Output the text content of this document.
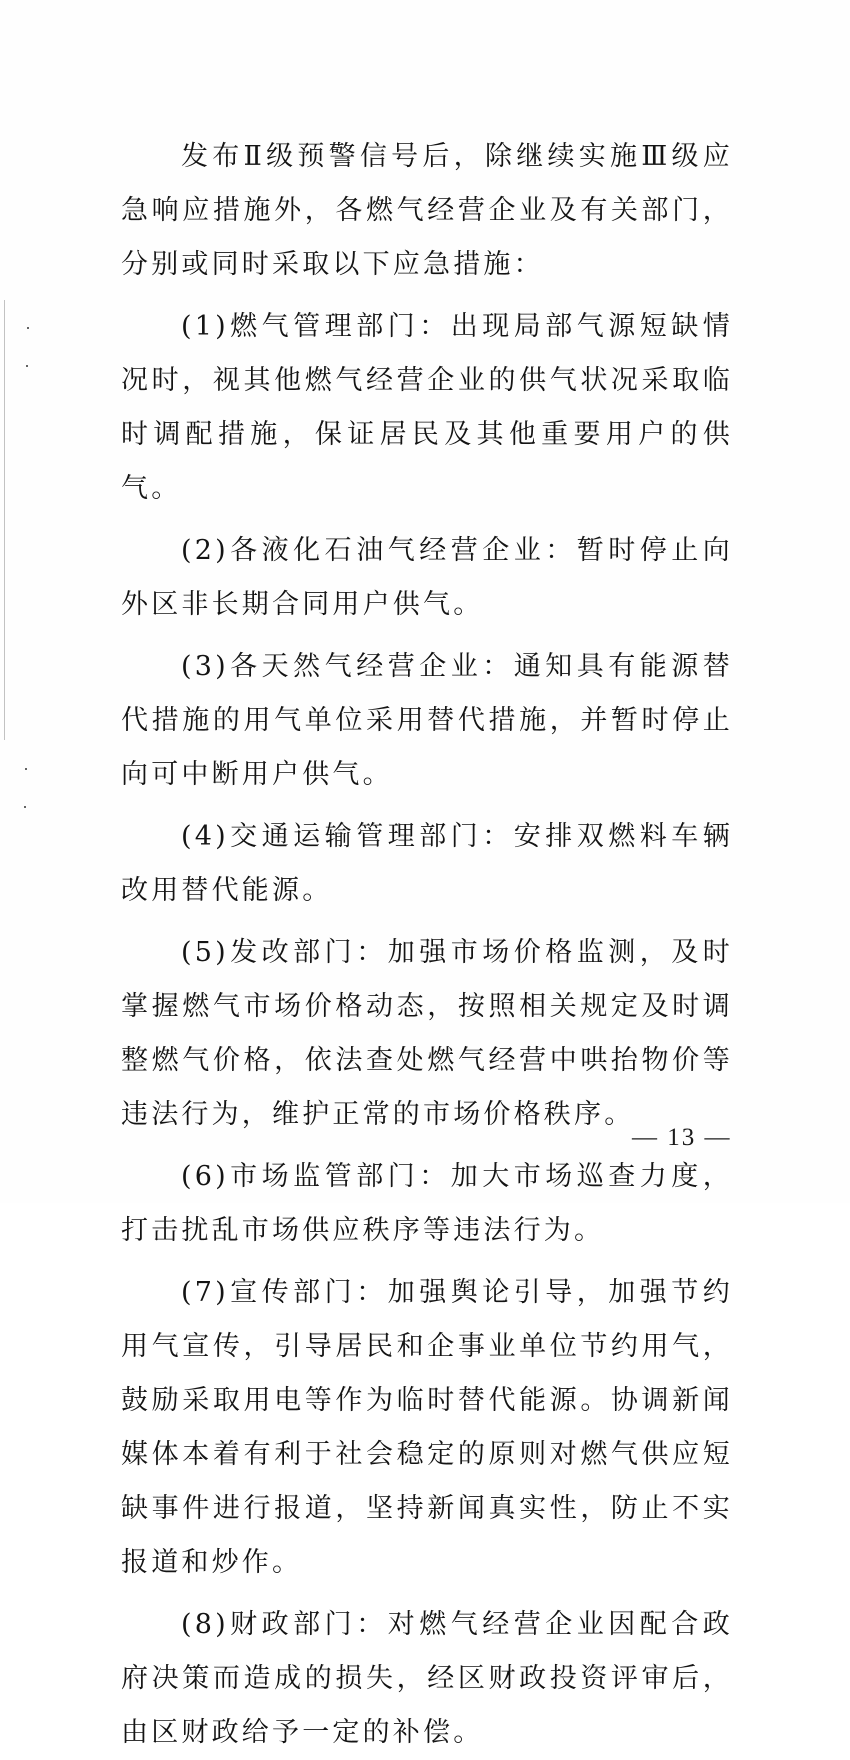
发布Ⅱ级预警信号后，除继续实施Ⅲ级应急响应措施外，各燃气经营企业及有关部门，分别或同时采取以下应急措施：

(1)燃气管理部门：出现局部气源短缺情况时，视其他燃气经营企业的供气状况采取临时调配措施，保证居民及其他重要用户的供气。

(2)各液化石油气经营企业：暂时停止向外区非长期合同用户供气。

(3)各天然气经营企业：通知具有能源替代措施的用气单位采用替代措施，并暂时停止向可中断用户供气。

(4)交通运输管理部门：安排双燃料车辆改用替代能源。

(5)发改部门：加强市场价格监测，及时掌握燃气市场价格动态，按照相关规定及时调整燃气价格，依法查处燃气经营中哄抬物价等违法行为，维护正常的市场价格秩序。

(6)市场监管部门：加大市场巡查力度，打击扰乱市场供应秩序等违法行为。

(7)宣传部门：加强舆论引导，加强节约用气宣传，引导居民和企事业单位节约用气，鼓励采取用电等作为临时替代能源。协调新闻媒体本着有利于社会稳定的原则对燃气供应短缺事件进行报道，坚持新闻真实性，防止不实报道和炒作。

(8)财政部门：对燃气经营企业因配合政府决策而造成的损失，经区财政投资评审后，由区财政给予一定的补偿。

— 13 —
